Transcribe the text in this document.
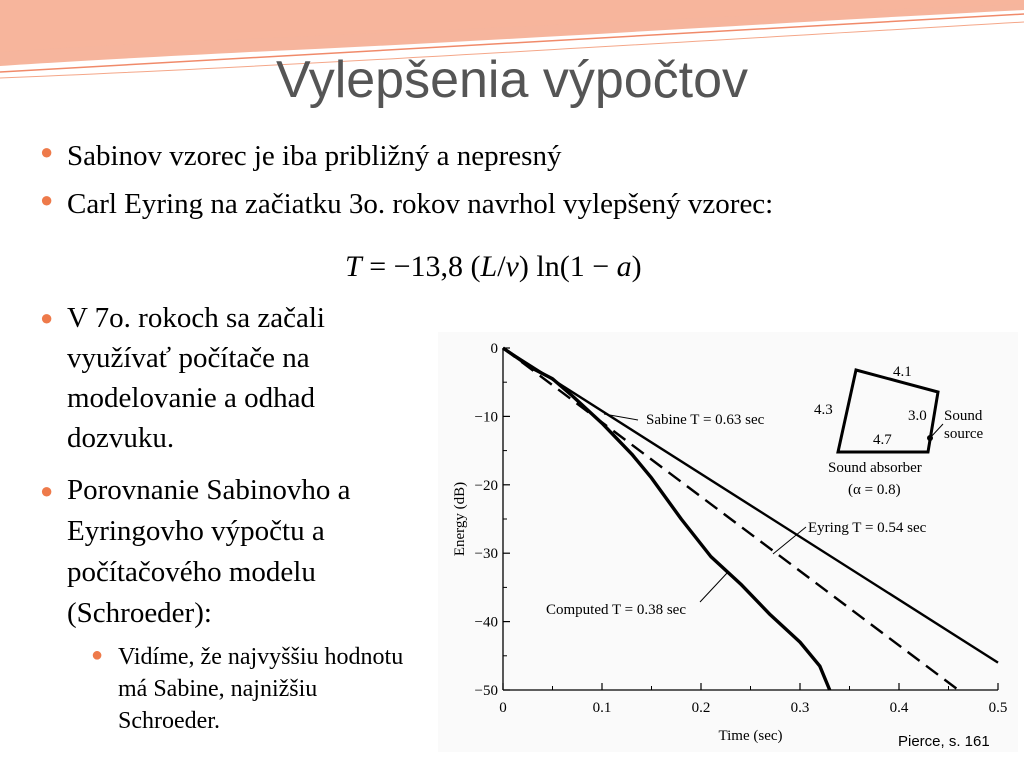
Vylepšenia výpočtov
● Sabinov vzorec je iba približný a nepresný
● Carl Eyring na začiatku 3o. rokov navrhol vylepšený vzorec:
T = −13,8 (L/v) ln(1 − a)
● V 7o. rokoch sa začali využívať počítače na modelovanie a odhad dozvuku.
● Porovnanie Sabinovho a Eyringovho výpočtu a počítačového modelu (Schroeder):
● Vidíme, že najvyššiu hodnotu má Sabine, najnižšiu Schroeder.
0
−10
−20
−30
−40
−50
0	0.1	0.2	0.3	0.4	0.5
Time (sec)
Energy (dB)
Sabine T = 0.63 sec
Eyring T = 0.54 sec
Computed T = 0.38 sec
4.1
4.3	3.0
4.7
Sound
source
Sound absorber
(α = 0.8)
Pierce, s. 161
